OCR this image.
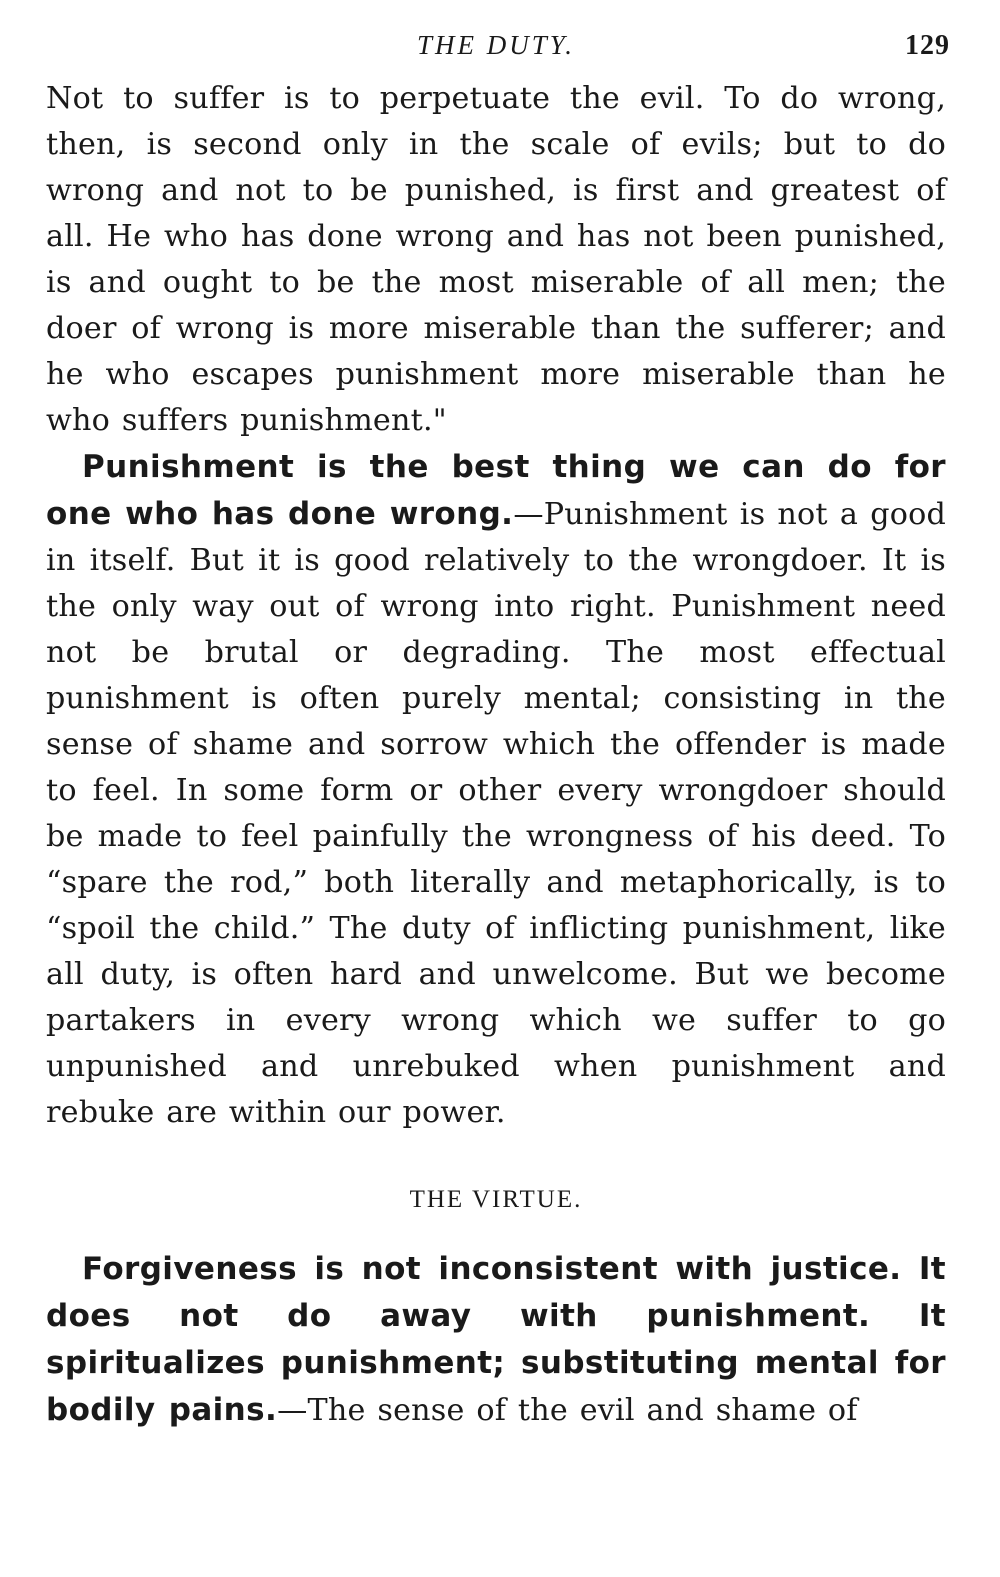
THE DUTY.	129

Not to suffer is to perpetuate the evil. To do wrong, then, is second only in the scale of evils; but to do wrong and not to be punished, is first and greatest of all. He who has done wrong and has not been punished, is and ought to be the most miserable of all men; the doer of wrong is more miserable than the sufferer; and he who escapes punishment more miserable than he who suffers punishment."

Punishment is the best thing we can do for one who has done wrong.—Punishment is not a good in itself. But it is good relatively to the wrongdoer. It is the only way out of wrong into right. Punishment need not be brutal or degrading. The most effectual punishment is often purely mental; consisting in the sense of shame and sorrow which the offender is made to feel. In some form or other every wrongdoer should be made to feel painfully the wrongness of his deed. To “spare the rod,” both literally and metaphorically, is to “spoil the child.” The duty of inflicting punishment, like all duty, is often hard and unwelcome. But we become partakers in every wrong which we suffer to go unpunished and unrebuked when punishment and rebuke are within our power.

THE VIRTUE.

Forgiveness is not inconsistent with justice. It does not do away with punishment. It spiritualizes punishment; substituting mental for bodily pains.—The sense of the evil and shame of
